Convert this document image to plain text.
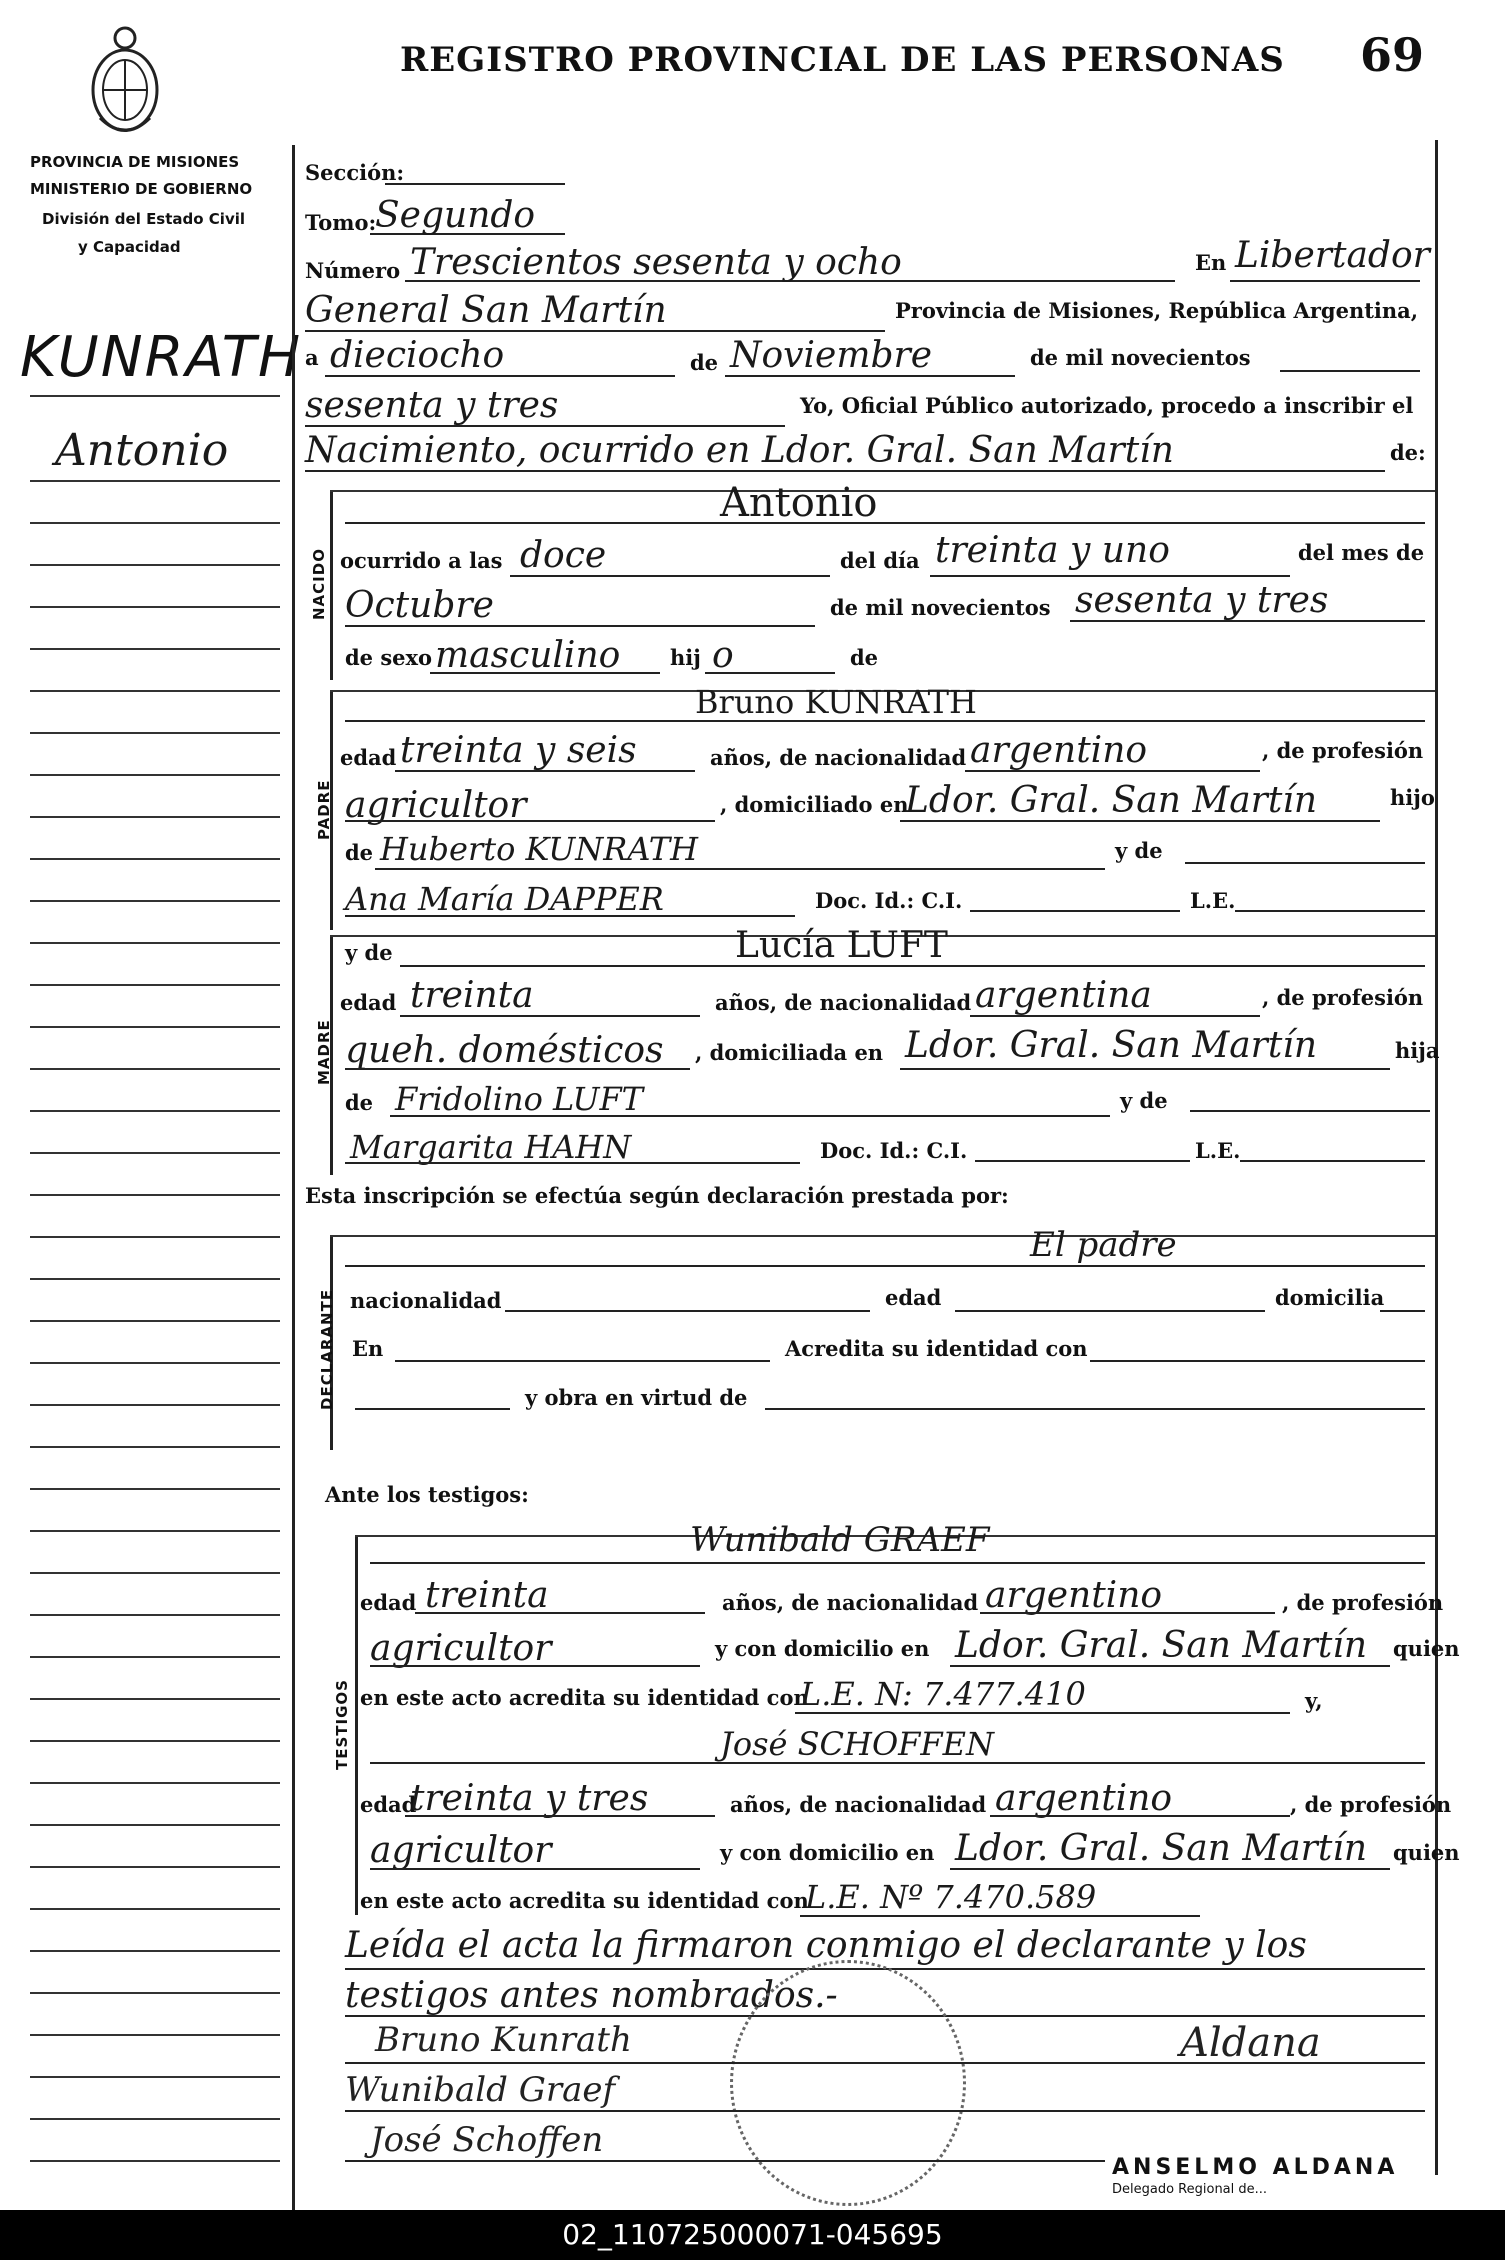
REGISTRO PROVINCIAL DE LAS PERSONAS 69
PROVINCIA DE MISIONES
MINISTERIO DE GOBIERNO
División del Estado Civil
y Capacidad
KUNRATH
Antonio
Sección:
Tomo:
Segundo
Número Trescientos sesenta y ocho	En Libertador
General San Martín	Provincia de Misiones, República Argentina,
a dieciocho	de Noviembre	de mil novecientos
sesenta y tres	Yo, Oficial Público autorizado, procedo a inscribir el
Nacimiento, ocurrido en Ldor. Gral. San Martín	de:
NACIDO
Antonio
ocurrido a las doce	del día treinta y uno	del mes de
Octubre	de mil novecientos sesenta y tres
de sexo masculino hij o	de
PADRE
Bruno KUNRATH
edad treinta y seis	años, de nacionalidad argentino	, de profesión
agricultor	, domiciliado en
Ldor. Gral. San Martín	hijo
de Huberto KUNRATH	y de
Ana María DAPPER	Doc. Id.: C.I.	L.E.
MADRE
y de	Lucía LUFT
edad treinta	años, de nacionalidad argentina	, de profesión
queh. domésticos , domiciliada en Ldor. Gral. San Martín	hija
de Fridolino LUFT	y de
Margarita HAHN	Doc. Id.: C.I.	L.E.
Esta inscripción se efectúa según declaración prestada por:
DECLARANTE
El padre
nacionalidad	edad	domicilia
En	Acredita su identidad con
y obra en virtud de
Ante los testigos:
TESTIGOS
Wunibald GRAEF
edad treinta	años, de nacionalidad argentino	, de profesión
agricultor	y con domicilio en Ldor. Gral. San Martín quien
en este acto acredita su identidad con
L.E. N: 7.477.410	y,
José SCHOFFEN
edad
treinta y tres	años, de nacionalidad argentino	, de profesión
agricultor	y con domicilio en Ldor. Gral. San Martín quien
en este acto acredita su identidad con
L.E. Nº 7.470.589
Leída el acta la firmaron conmigo el declarante y los
testigos antes nombrados.-
Bruno Kunrath
Wunibald Graef
José Schoffen
Aldana
ANSELMO ALDANA
Delegado Regional de...
02_110725000071-045695
